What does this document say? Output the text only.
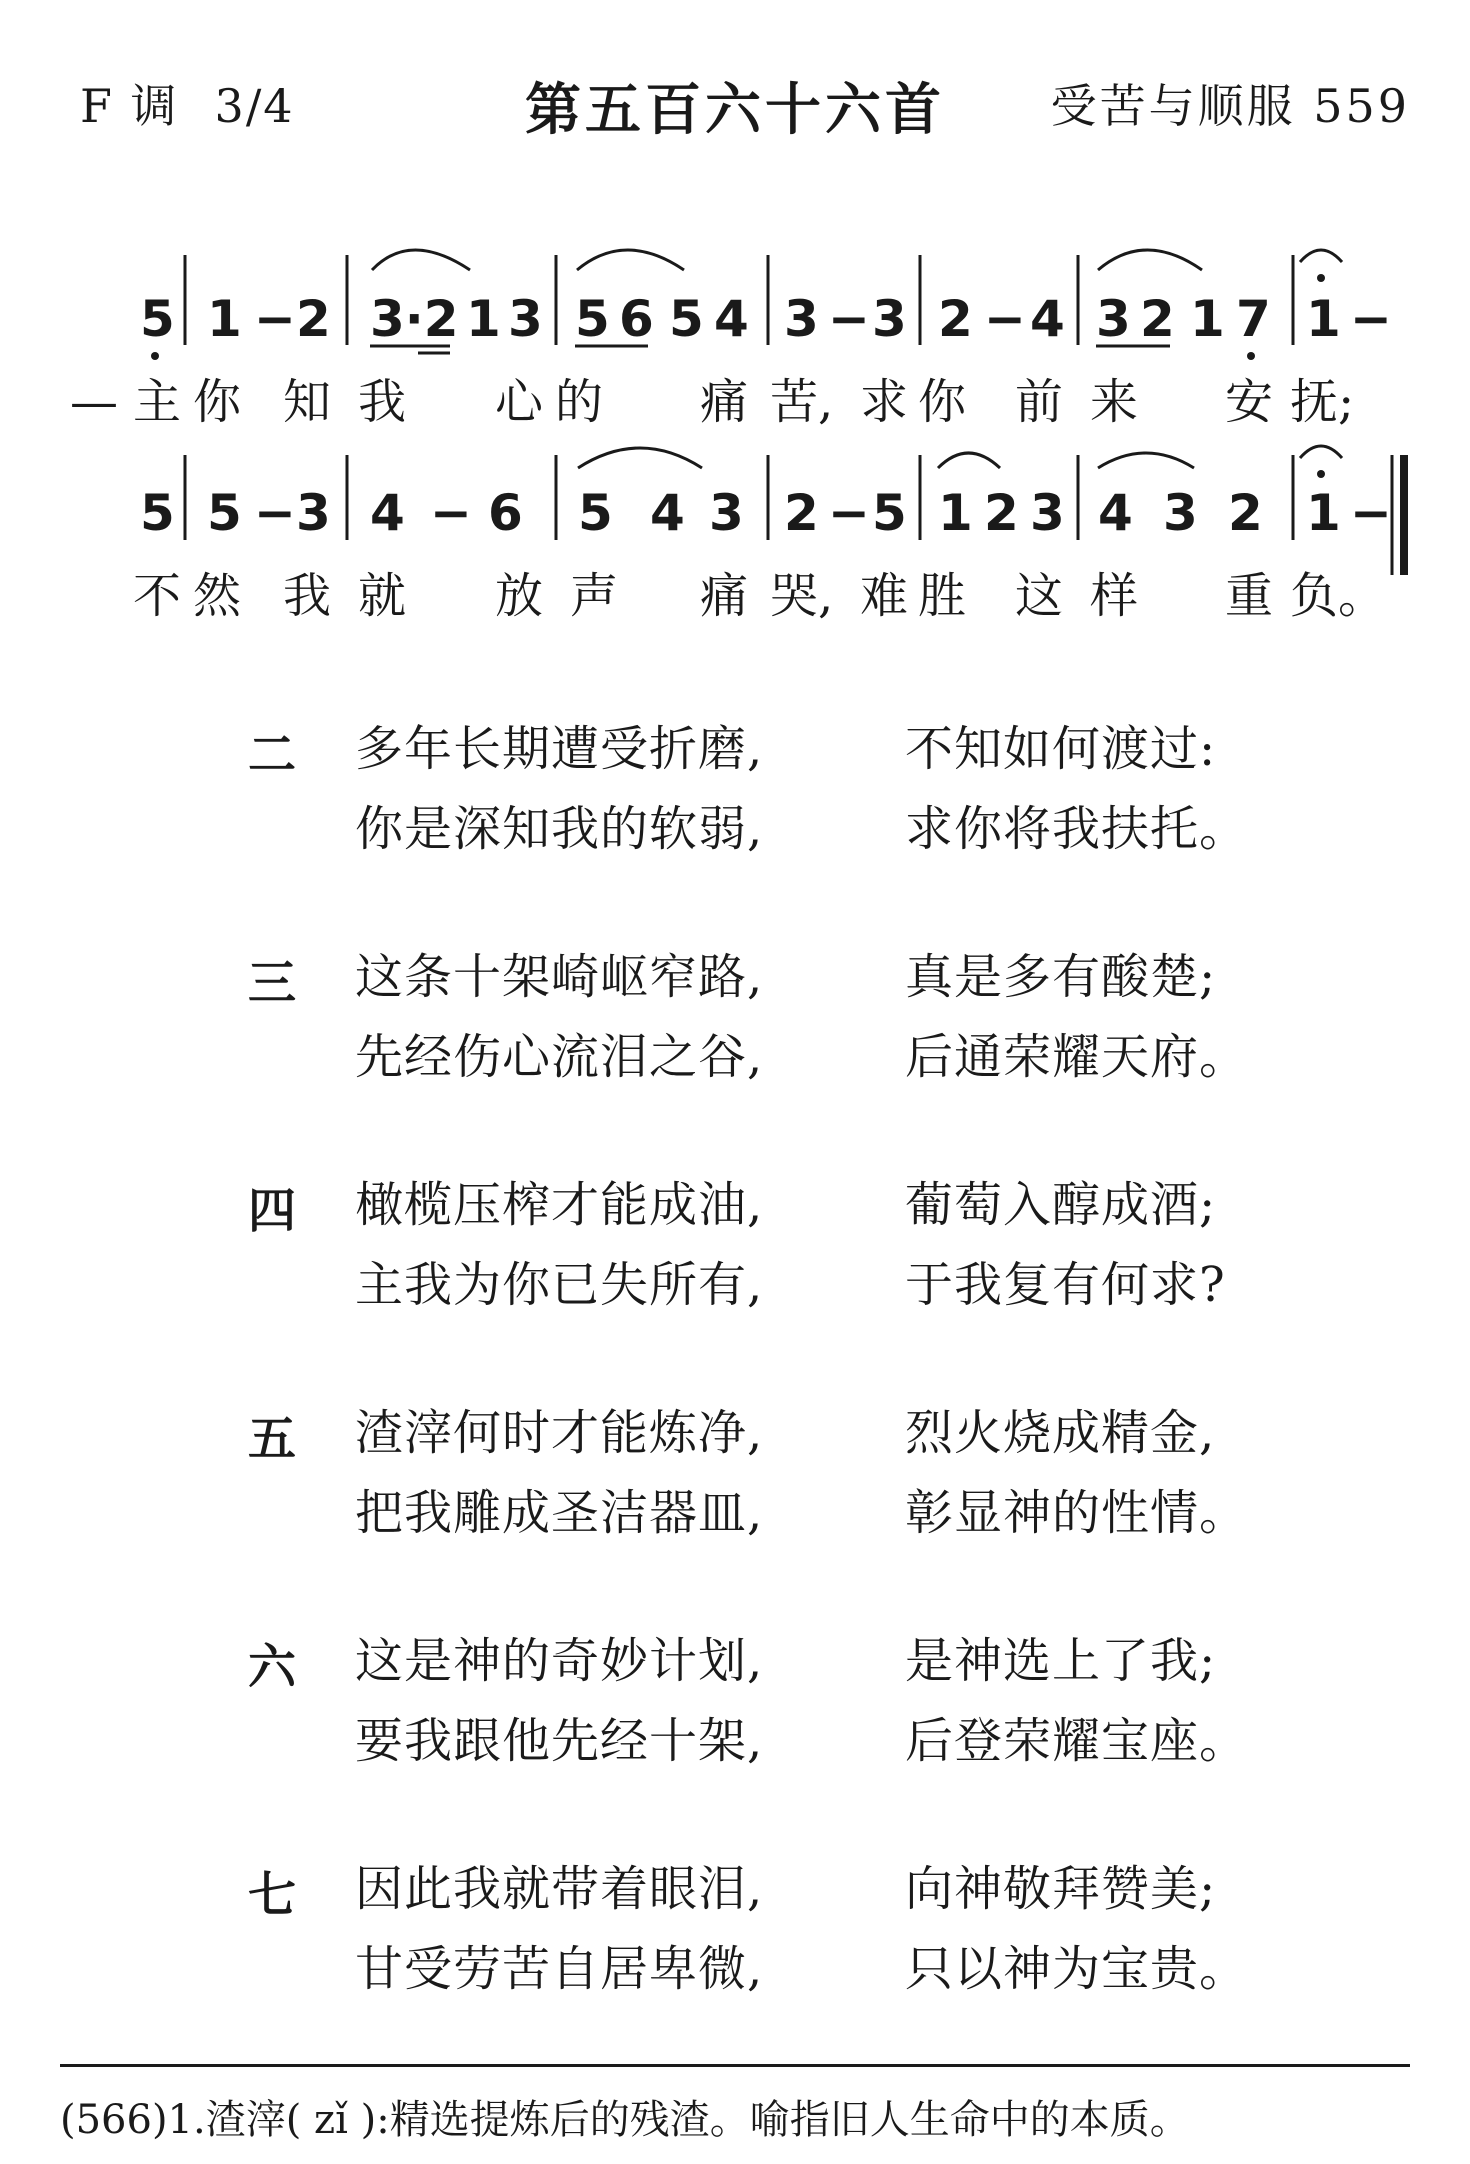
F 调 3/4	第五百六十六首	受苦与顺服 559
5 1 − 2 3·2 1 3 5 6 5 4 3 − 3 2 − 4 3 2 1 7 1 −
— 主 你 知 我 心 的 痛 苦, 求 你 前 来 安 抚;
5 5 − 3 4 − 6 5 4 3 2 − 5 1 2 3 4 3 2 1 −
不 然 我 就 放 声 痛 哭, 难 胜 这 样 重 负。
二 多年长期遭受折磨,	不知如何渡过:
你是深知我的软弱,	求你将我扶托。
三 这条十架崎岖窄路,	真是多有酸楚;
先经伤心流泪之谷,	后通荣耀天府。
四 橄榄压榨才能成油,	葡萄入醇成酒;
主我为你已失所有,	于我复有何求?
五 渣滓何时才能炼净,	烈火烧成精金,
把我雕成圣洁器皿,	彰显神的性情。
六 这是神的奇妙计划,	是神选上了我;
要我跟他先经十架,	后登荣耀宝座。
七 因此我就带着眼泪,	向神敬拜赞美;
甘受劳苦自居卑微,	只以神为宝贵。
(566)1.渣滓( zǐ ):精选提炼后的残渣。喻指旧人生命中的本质。
